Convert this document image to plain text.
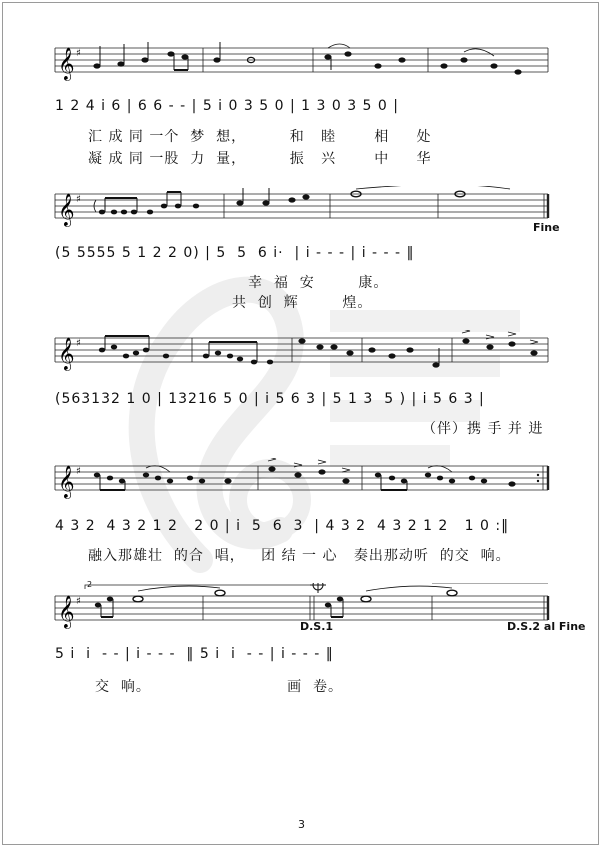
𝄞 ♯
1 2 4 i 6 | 6 6 - - | 5 i 0 3 5 0 | 1 3 0 3 5 0 |
汇 成 同 一个  梦  想，        和   睦       相     处
凝 成 同 一股  力  量，        振   兴       中     华
𝄞 ♯
Fine
(5 5555 5 1 2 2 0) | 5  5  6 i·  | i - - - | i - - - ‖
幸  福  安        康。
共  创  辉        煌。
𝄞 ♯
(563132 1 0 | 13216 5 0 | i 5 6 3 | 5 1 3  5 ) | i 5 6 3 |
（伴）携 手 并 进
𝄞 ♯
4 3 2  4 3 2 1 2   2 0 | i  5  6  3  | 4 3 2  4 3 2 1 2   1 0 :‖
融入那雄壮  的合  唱，   团 结 一 心   奏出那动听  的交  响。
𝄞 ♯
2
D.S.1	D.S.2 al Fine
5 i  i  - - | i - - -  ‖ 5 i  i  - - | i - - - ‖
交  响。                         画  卷。
3
